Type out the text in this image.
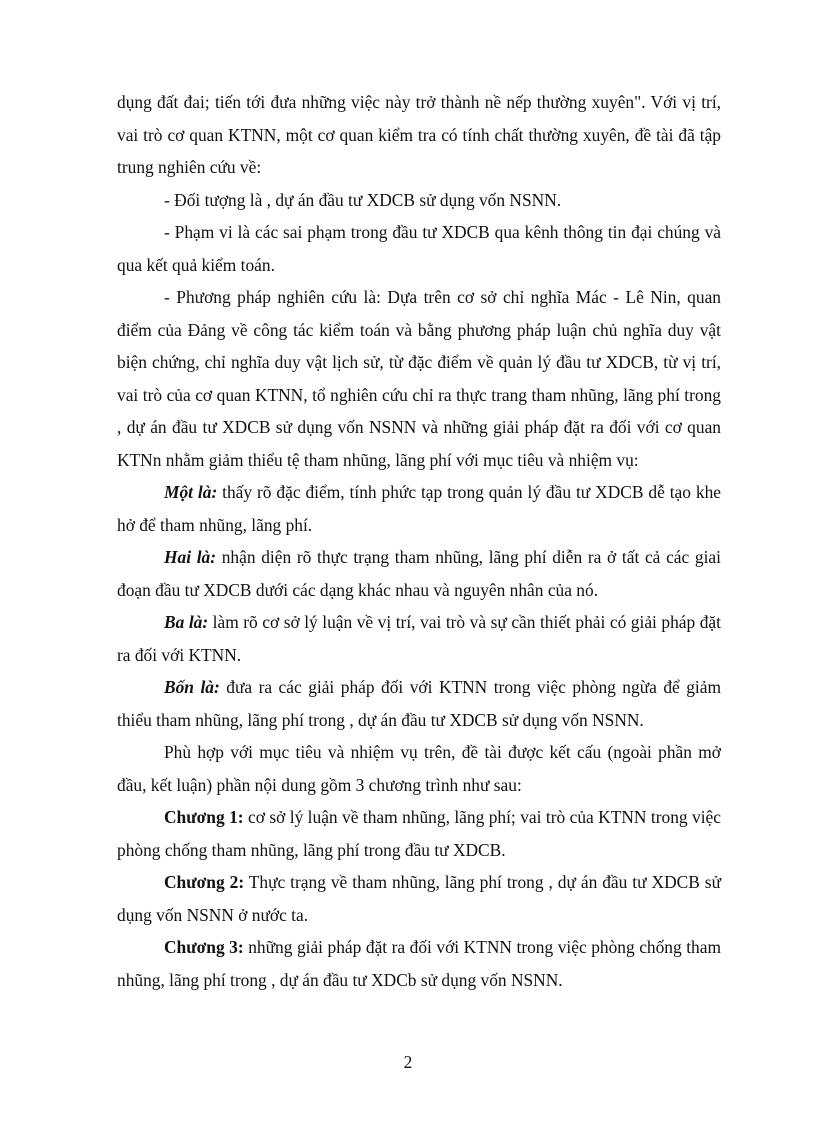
dụng đất đai; tiến tới đưa những việc này trở thành nề nếp thường xuyên". Với vị trí, vai trò cơ quan KTNN, một cơ quan kiểm tra có tính chất thường xuyên, đề tài đã tập trung nghiên cứu về:

- Đối tượng là , dự án đầu tư XDCB sử dụng vốn NSNN.

- Phạm vi là các sai phạm trong đầu tư XDCB qua kênh thông tin đại chúng và qua kết quả kiểm toán.

- Phương pháp nghiên cứu là: Dựa trên cơ sở chỉ nghĩa Mác - Lê Nin, quan điểm của Đảng về công tác kiểm toán và bằng phương pháp luận chủ nghĩa duy vật biện chứng, chỉ nghĩa duy vật lịch sử, từ đặc điểm về quản lý đầu tư XDCB, từ vị trí, vai trò của cơ quan KTNN, tổ nghiên cứu chỉ ra thực trang tham nhũng, lãng phí trong , dự án đầu tư XDCB sử dụng vốn NSNN và những giải pháp đặt ra đối với cơ quan KTNn nhằm giảm thiểu tệ tham nhũng, lãng phí với mục tiêu và nhiệm vụ:

Một là: thấy rõ đặc điểm, tính phức tạp trong quản lý đầu tư XDCB dễ tạo khe hở để tham nhũng, lãng phí.

Hai là: nhận diện rõ thực trạng tham nhũng, lãng phí diễn ra ở tất cả các giai đoạn đầu tư XDCB dưới các dạng khác nhau và nguyên nhân của nó.

Ba là: làm rõ cơ sở lý luận về vị trí, vai trò và sự cần thiết phải có giải pháp đặt ra đối với KTNN.

Bốn là: đưa ra các giải pháp đối với KTNN trong việc phòng ngừa để giảm thiểu tham nhũng, lãng phí trong , dự án đầu tư XDCB sử dụng vốn NSNN.

Phù hợp với mục tiêu và nhiệm vụ trên, đề tài được kết cấu (ngoài phần mở đầu, kết luận) phần nội dung gồm 3 chương trình như sau:

Chương 1: cơ sở lý luận về tham nhũng, lãng phí; vai trò của KTNN trong việc phòng chống tham nhũng, lãng phí trong đầu tư XDCB.

Chương 2: Thực trạng về tham nhũng, lãng phí trong , dự án đầu tư XDCB sử dụng vốn NSNN ở nước ta.

Chương 3: những giải pháp đặt ra đối với KTNN trong việc phòng chống tham nhũng, lãng phí trong , dự án đầu tư XDCb sử dụng vốn NSNN.

2
